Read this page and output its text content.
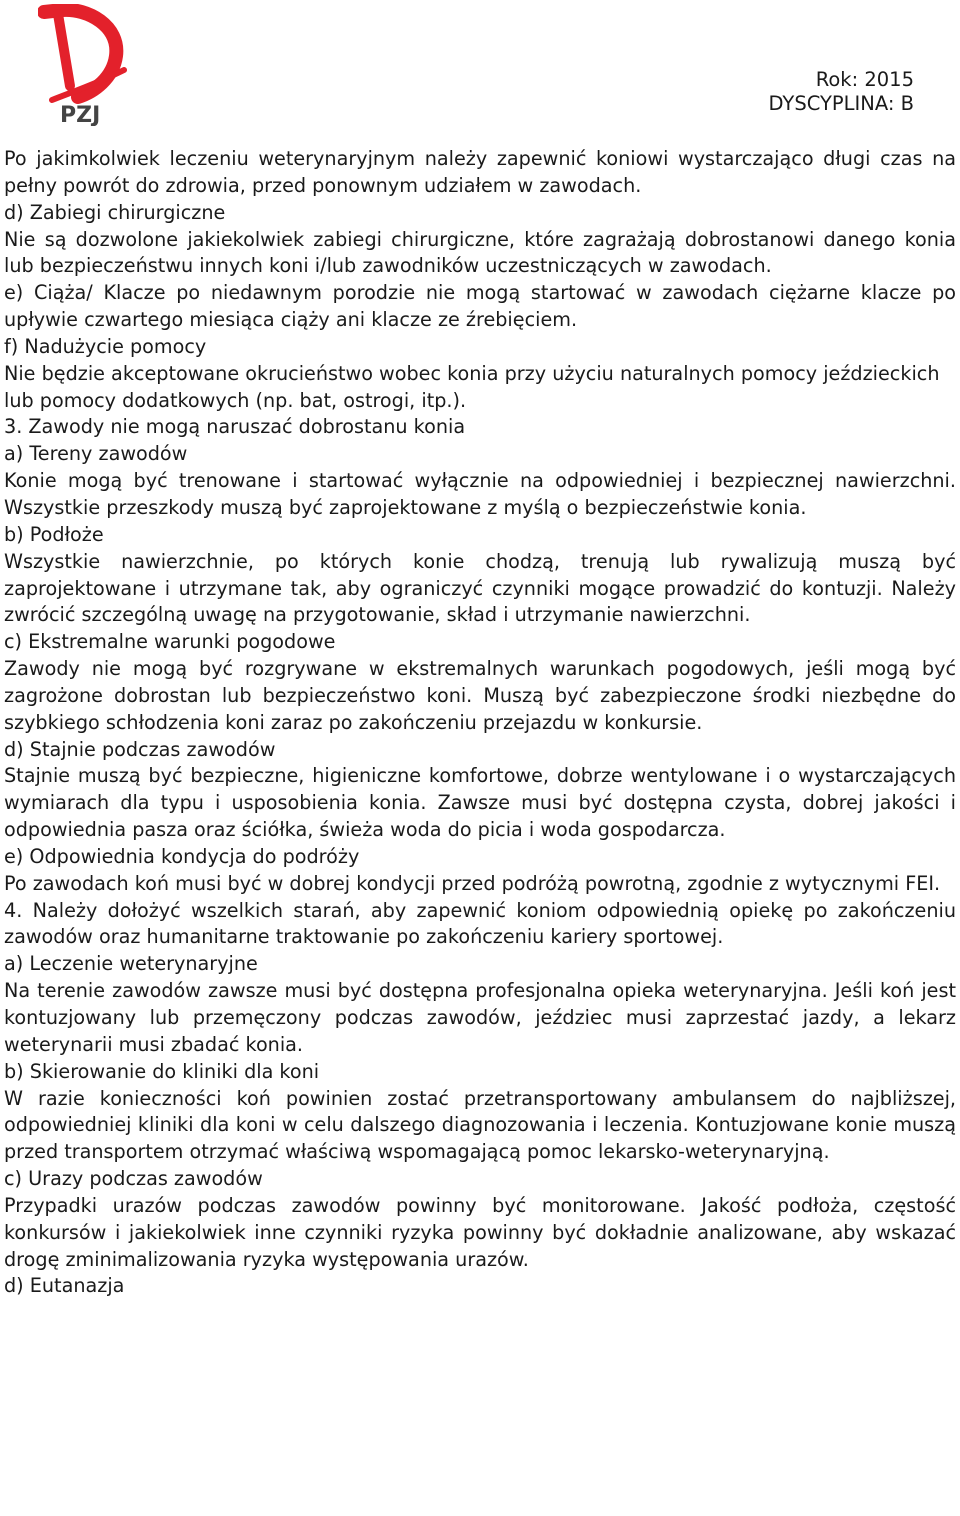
PZJ
Rok: 2015
DYSCYPLINA: B

Po jakimkolwiek leczeniu weterynaryjnym należy zapewnić koniowi wystarczająco długi czas na pełny powrót do zdrowia, przed ponownym udziałem w zawodach.

d) Zabiegi chirurgiczne

Nie są dozwolone jakiekolwiek zabiegi chirurgiczne, które zagrażają dobrostanowi danego konia lub bezpieczeństwu innych koni i/lub zawodników uczestniczących w zawodach.

e) Ciąża/ Klacze po niedawnym porodzie nie mogą startować w zawodach ciężarne klacze po upływie czwartego miesiąca ciąży ani klacze ze źrebięciem.

f) Nadużycie pomocy

Nie będzie akceptowane okrucieństwo wobec konia przy użyciu naturalnych pomocy jeździeckich lub pomocy dodatkowych (np. bat, ostrogi, itp.).

3. Zawody nie mogą naruszać dobrostanu konia

a) Tereny zawodów

Konie mogą być trenowane i startować wyłącznie na odpowiedniej i bezpiecznej nawierzchni. Wszystkie przeszkody muszą być zaprojektowane z myślą o bezpieczeństwie konia.

b) Podłoże

Wszystkie nawierzchnie, po których konie chodzą, trenują lub rywalizują muszą być zaprojektowane i utrzymane tak, aby ograniczyć czynniki mogące prowadzić do kontuzji. Należy zwrócić szczególną uwagę na przygotowanie, skład i utrzymanie nawierzchni.

c) Ekstremalne warunki pogodowe

Zawody nie mogą być rozgrywane w ekstremalnych warunkach pogodowych, jeśli mogą być zagrożone dobrostan lub bezpieczeństwo koni. Muszą być zabezpieczone środki niezbędne do szybkiego schłodzenia koni zaraz po zakończeniu przejazdu w konkursie.

d) Stajnie podczas zawodów

Stajnie muszą być bezpieczne, higieniczne komfortowe, dobrze wentylowane i o wystarczających wymiarach dla typu i usposobienia konia. Zawsze musi być dostępna czysta, dobrej jakości i odpowiednia pasza oraz ściółka, świeża woda do picia i woda gospodarcza.

e) Odpowiednia kondycja do podróży

Po zawodach koń musi być w dobrej kondycji przed podróżą powrotną, zgodnie z wytycznymi FEI.

4. Należy dołożyć wszelkich starań, aby zapewnić koniom odpowiednią opiekę po zakończeniu zawodów oraz humanitarne traktowanie po zakończeniu kariery sportowej.

a) Leczenie weterynaryjne

Na terenie zawodów zawsze musi być dostępna profesjonalna opieka weterynaryjna. Jeśli koń jest kontuzjowany lub przemęczony podczas zawodów, jeździec musi zaprzestać jazdy, a lekarz weterynarii musi zbadać konia.

b) Skierowanie do kliniki dla koni

W razie konieczności koń powinien zostać przetransportowany ambulansem do najbliższej, odpowiedniej kliniki dla koni w celu dalszego diagnozowania i leczenia. Kontuzjowane konie muszą przed transportem otrzymać właściwą wspomagającą pomoc lekarsko-weterynaryjną.

c) Urazy podczas zawodów

Przypadki urazów podczas zawodów powinny być monitorowane. Jakość podłoża, częstość konkursów i jakiekolwiek inne czynniki ryzyka powinny być dokładnie analizowane, aby wskazać drogę zminimalizowania ryzyka występowania urazów.

d) Eutanazja
